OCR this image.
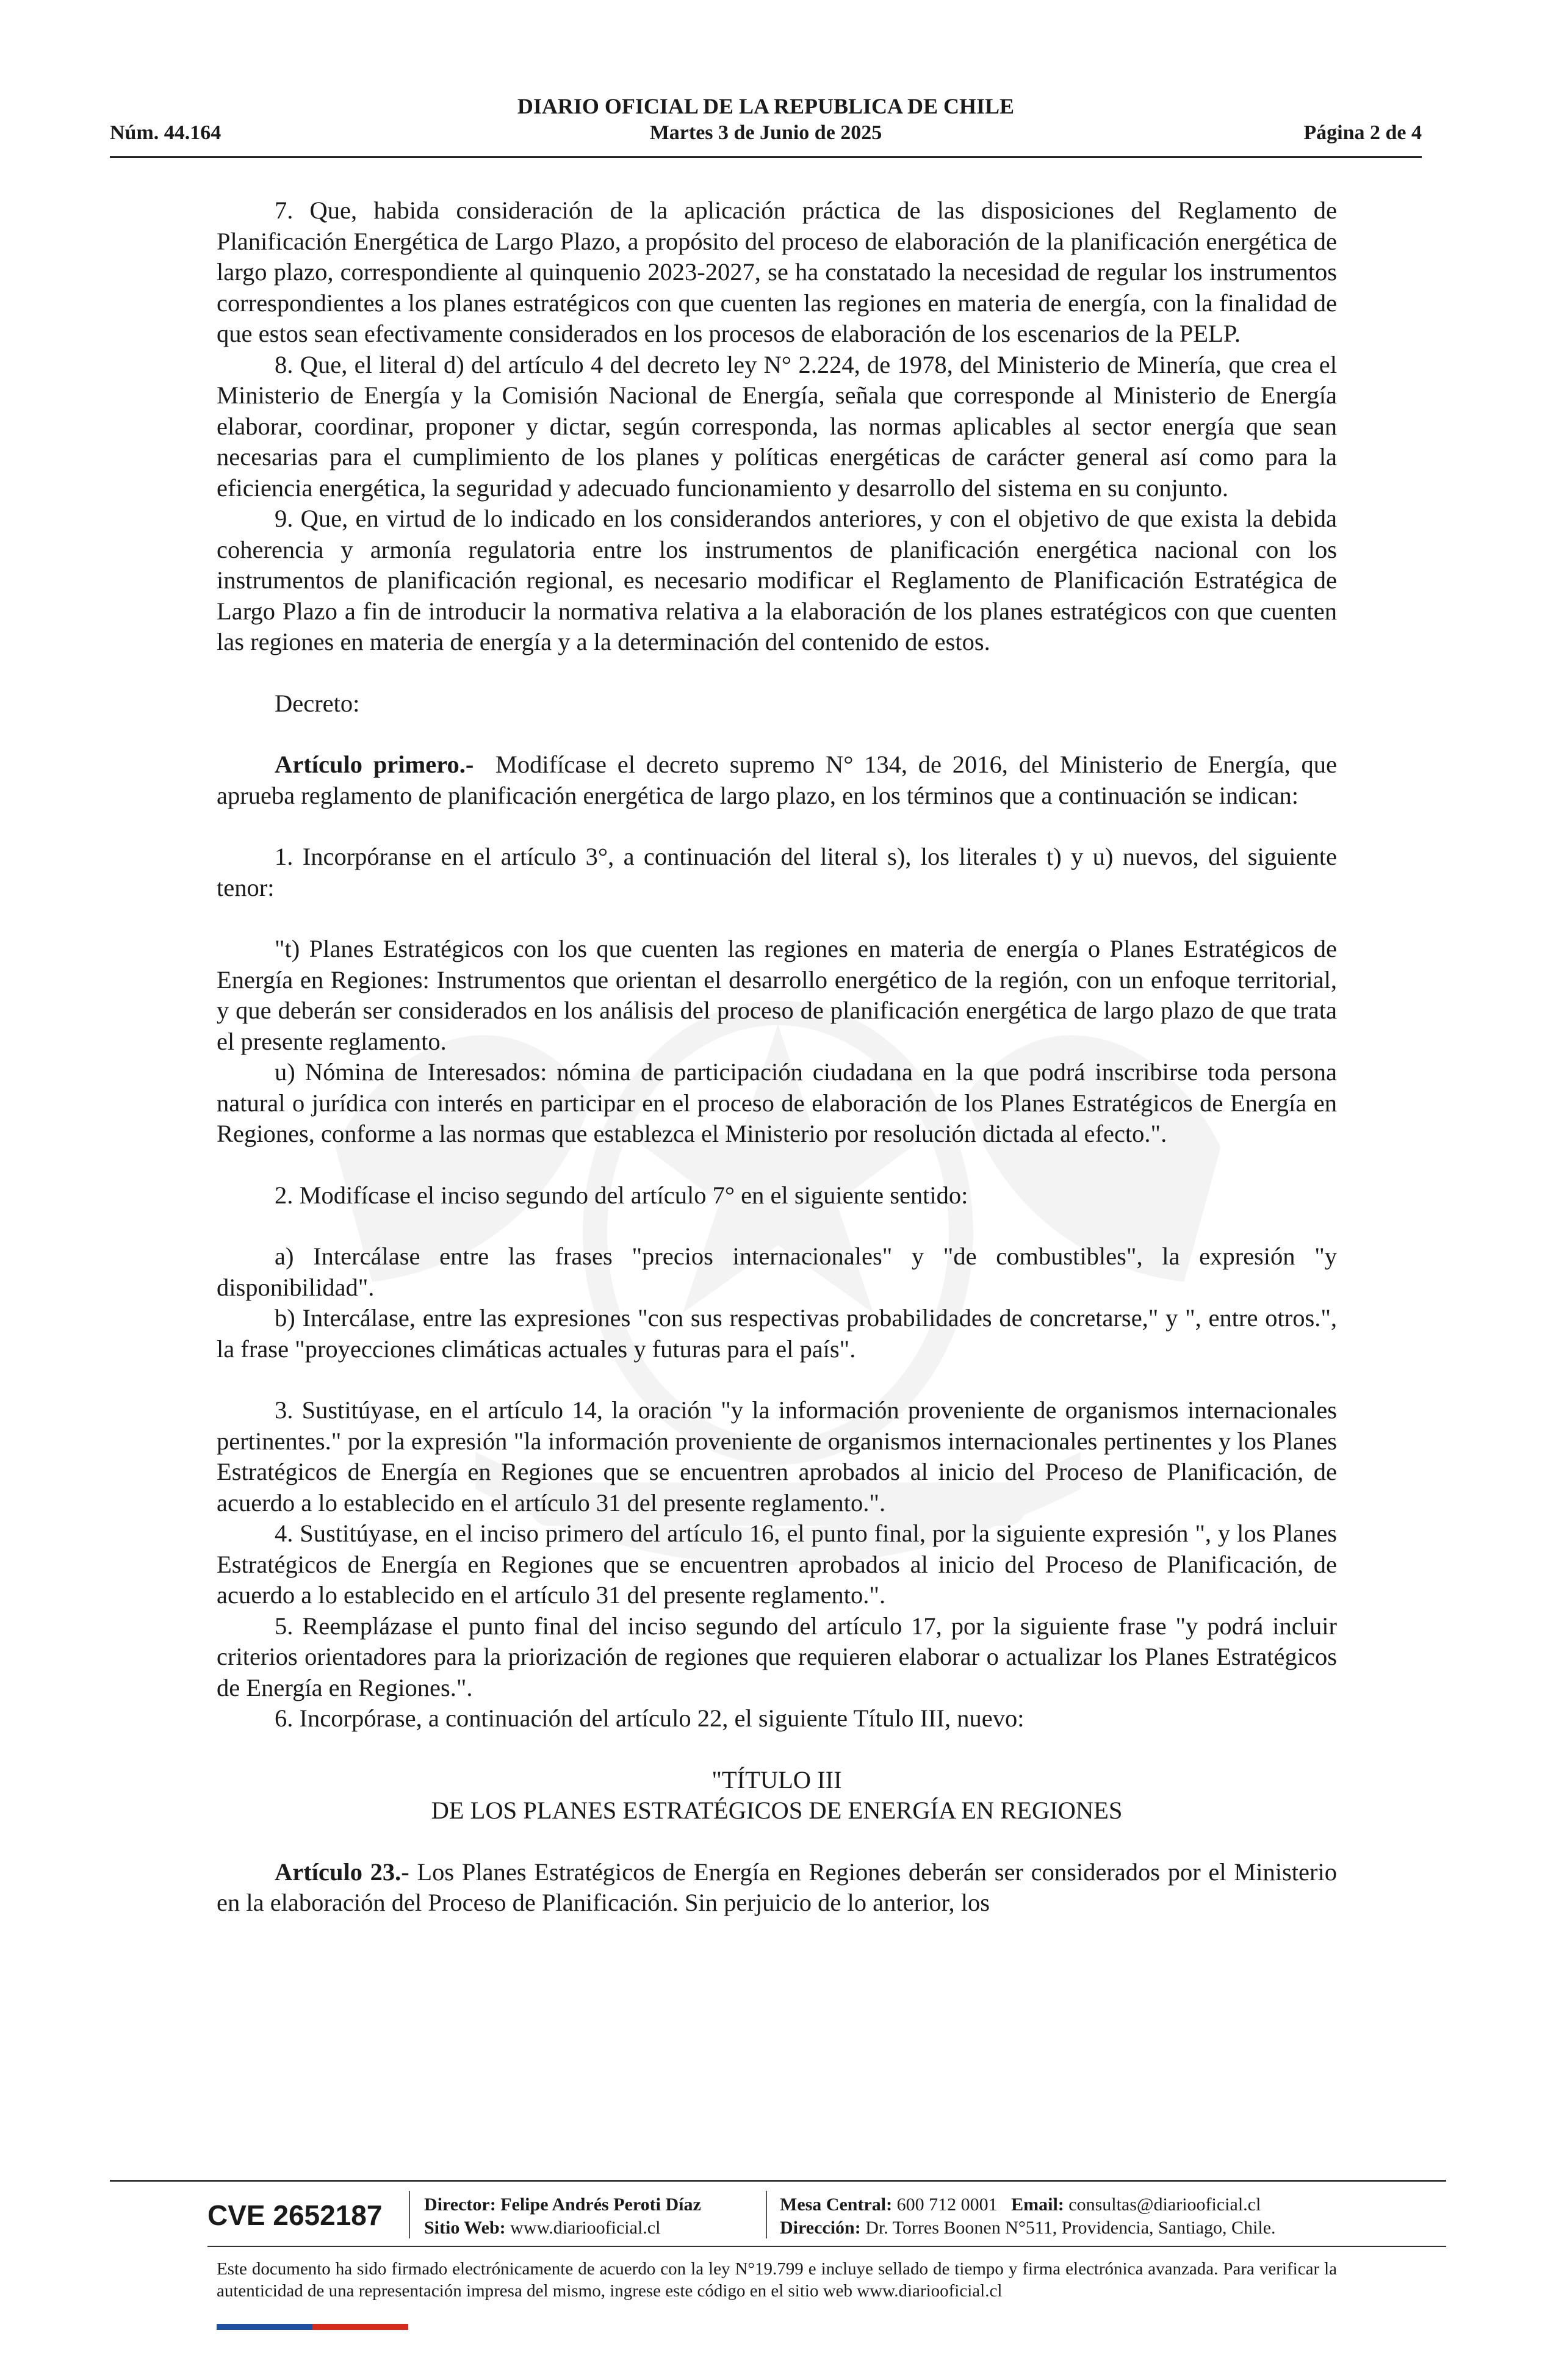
DIARIO OFICIAL DE LA REPUBLICA DE CHILE
Martes 3 de Junio de 2025
Núm. 44.164	Página 2 de 4

7. Que, habida consideración de la aplicación práctica de las disposiciones del Reglamento de Planificación Energética de Largo Plazo, a propósito del proceso de elaboración de la planificación energética de largo plazo, correspondiente al quinquenio 2023-2027, se ha constatado la necesidad de regular los instrumentos correspondientes a los planes estratégicos con que cuenten las regiones en materia de energía, con la finalidad de que estos sean efectivamente considerados en los procesos de elaboración de los escenarios de la PELP.

8. Que, el literal d) del artículo 4 del decreto ley N° 2.224, de 1978, del Ministerio de Minería, que crea el Ministerio de Energía y la Comisión Nacional de Energía, señala que corresponde al Ministerio de Energía elaborar, coordinar, proponer y dictar, según corresponda, las normas aplicables al sector energía que sean necesarias para el cumplimiento de los planes y políticas energéticas de carácter general así como para la eficiencia energética, la seguridad y adecuado funcionamiento y desarrollo del sistema en su conjunto.

9. Que, en virtud de lo indicado en los considerandos anteriores, y con el objetivo de que exista la debida coherencia y armonía regulatoria entre los instrumentos de planificación energética nacional con los instrumentos de planificación regional, es necesario modificar el Reglamento de Planificación Estratégica de Largo Plazo a fin de introducir la normativa relativa a la elaboración de los planes estratégicos con que cuenten las regiones en materia de energía y a la determinación del contenido de estos.

Decreto:

Artículo primero.- Modifícase el decreto supremo N° 134, de 2016, del Ministerio de Energía, que aprueba reglamento de planificación energética de largo plazo, en los términos que a continuación se indican:

1. Incorpóranse en el artículo 3°, a continuación del literal s), los literales t) y u) nuevos, del siguiente tenor:

"t) Planes Estratégicos con los que cuenten las regiones en materia de energía o Planes Estratégicos de Energía en Regiones: Instrumentos que orientan el desarrollo energético de la región, con un enfoque territorial, y que deberán ser considerados en los análisis del proceso de planificación energética de largo plazo de que trata el presente reglamento.

u) Nómina de Interesados: nómina de participación ciudadana en la que podrá inscribirse toda persona natural o jurídica con interés en participar en el proceso de elaboración de los Planes Estratégicos de Energía en Regiones, conforme a las normas que establezca el Ministerio por resolución dictada al efecto.".

2. Modifícase el inciso segundo del artículo 7° en el siguiente sentido:

a) Intercálase entre las frases "precios internacionales" y "de combustibles", la expresión "y disponibilidad".

b) Intercálase, entre las expresiones "con sus respectivas probabilidades de concretarse," y ", entre otros.", la frase "proyecciones climáticas actuales y futuras para el país".

3. Sustitúyase, en el artículo 14, la oración "y la información proveniente de organismos internacionales pertinentes." por la expresión "la información proveniente de organismos internacionales pertinentes y los Planes Estratégicos de Energía en Regiones que se encuentren aprobados al inicio del Proceso de Planificación, de acuerdo a lo establecido en el artículo 31 del presente reglamento.".

4. Sustitúyase, en el inciso primero del artículo 16, el punto final, por la siguiente expresión ", y los Planes Estratégicos de Energía en Regiones que se encuentren aprobados al inicio del Proceso de Planificación, de acuerdo a lo establecido en el artículo 31 del presente reglamento.".

5. Reemplázase el punto final del inciso segundo del artículo 17, por la siguiente frase "y podrá incluir criterios orientadores para la priorización de regiones que requieren elaborar o actualizar los Planes Estratégicos de Energía en Regiones.".

6. Incorpórase, a continuación del artículo 22, el siguiente Título III, nuevo:

"TÍTULO III

DE LOS PLANES ESTRATÉGICOS DE ENERGÍA EN REGIONES

Artículo 23.- Los Planes Estratégicos de Energía en Regiones deberán ser considerados por el Ministerio en la elaboración del Proceso de Planificación. Sin perjuicio de lo anterior, los

CVE 2652187 Director: Felipe Andrés Peroti Díaz
Sitio Web: www.diariooficial.cl
Mesa Central: 600 712 0001 Email: consultas@diariooficial.cl
Dirección: Dr. Torres Boonen N°511, Providencia, Santiago, Chile.
Este documento ha sido firmado electrónicamente de acuerdo con la ley N°19.799 e incluye sellado de tiempo y firma electrónica avanzada. Para verificar la autenticidad de una representación impresa del mismo, ingrese este código en el sitio web www.diariooficial.cl
